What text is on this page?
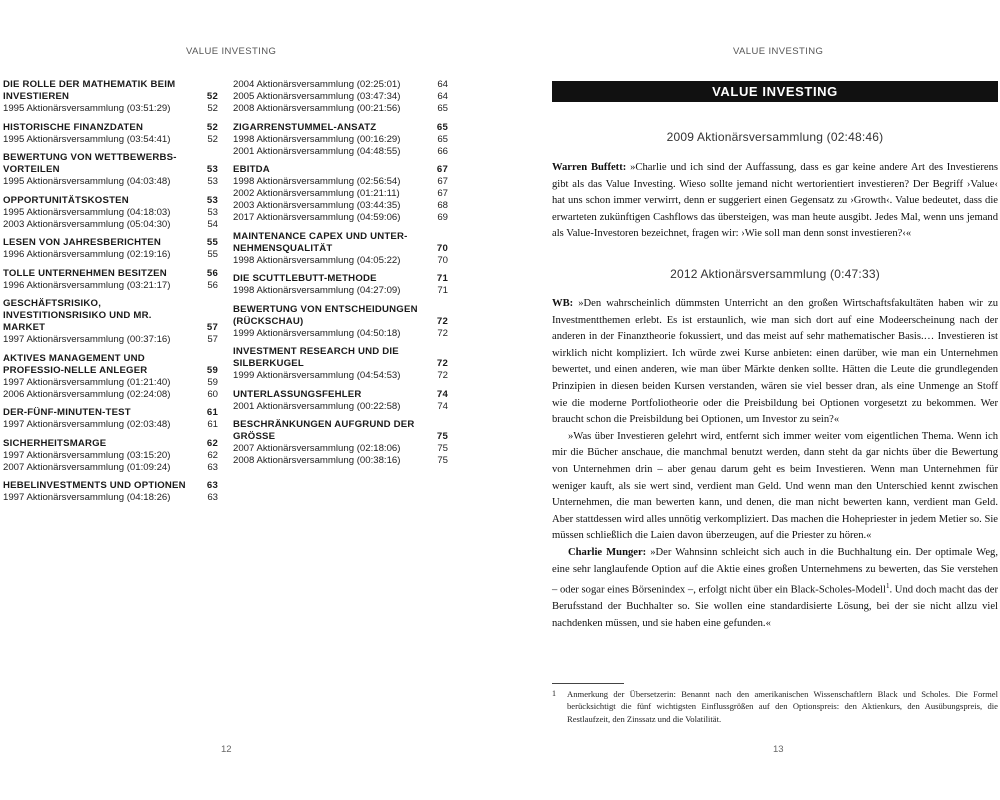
VALUE INVESTING
DIE ROLLE DER MATHEMATIK BEIM INVESTIEREN	52
1995 Aktionärsversammlung (03:51:29)	52
HISTORISCHE FINANZDATEN	52
1995 Aktionärsversammlung (03:54:41)	52
BEWERTUNG VON WETTBEWERBS-VORTEILEN	53
1995 Aktionärsversammlung (04:03:48)	53
OPPORTUNITÄTSKOSTEN	53
1995 Aktionärsversammlung (04:18:03)	53
2003 Aktionärsversammlung (05:04:30)	54
LESEN VON JAHRESBERICHTEN	55
1996 Aktionärsversammlung (02:19:16)	55
TOLLE UNTERNEHMEN BESITZEN	56
1996 Aktionärsversammlung (03:21:17)	56
GESCHÄFTSRISIKO, INVESTITIONSRISIKO UND MR. MARKET	57
1997 Aktionärsversammlung (00:37:16)	57
AKTIVES MANAGEMENT UND PROFESSIO-NELLE ANLEGER	59
1997 Aktionärsversammlung (01:21:40)	59
2006 Aktionärsversammlung (02:24:08)	60
DER-FÜNF-MINUTEN-TEST	61
1997 Aktionärsversammlung (02:03:48)	61
SICHERHEITSMARGE	62
1997 Aktionärsversammlung (03:15:20)	62
2007 Aktionärsversammlung (01:09:24)	63
HEBELINVESTMENTS UND OPTIONEN	63
1997 Aktionärsversammlung (04:18:26)	63
2004 Aktionärsversammlung (02:25:01)	64
2005 Aktionärsversammlung (03:47:34)	64
2008 Aktionärsversammlung (00:21:56)	65
ZIGARRENSTUMMEL-ANSATZ	65
1998 Aktionärsversammlung (00:16:29)	65
2001 Aktionärsversammlung (04:48:55)	66
EBITDA	67
1998 Aktionärsversammlung (02:56:54)	67
2002 Aktionärsversammlung (01:21:11)	67
2003 Aktionärsversammlung (03:44:35)	68
2017 Aktionärsversammlung (04:59:06)	69
MAINTENANCE CAPEX UND UNTER-NEHMENSQUALITÄT	70
1998 Aktionärsversammlung (04:05:22)	70
DIE SCUTTLEBUTT-METHODE	71
1998 Aktionärsversammlung (04:27:09)	71
BEWERTUNG VON ENTSCHEIDUNGEN (RÜCKSCHAU)	72
1999 Aktionärsversammlung (04:50:18)	72
INVESTMENT RESEARCH UND DIE SILBERKUGEL	72
1999 Aktionärsversammlung (04:54:53)	72
UNTERLASSUNGSFEHLER	74
2001 Aktionärsversammlung (00:22:58)	74
BESCHRÄNKUNGEN AUFGRUND DER GRÖSSE	75
2007 Aktionärsversammlung (02:18:06)	75
2008 Aktionärsversammlung (00:38:16)	75
12
VALUE INVESTING
VALUE INVESTING
2009 Aktionärsversammlung (02:48:46)

Warren Buffett: »Charlie und ich sind der Auffassung, dass es gar keine andere Art des Investierens gibt als das Value Investing. Wieso sollte jemand nicht wertorientiert investieren? Der Begriff ›Value‹ hat uns schon immer verwirrt, denn er suggeriert einen Gegensatz zu ›Growth‹. Value bedeutet, dass die erwarteten zukünftigen Cashflows das übersteigen, was man heute ausgibt. Jedes Mal, wenn uns jemand als Value-Investoren bezeichnet, fragen wir: ›Wie soll man denn sonst investieren?‹«

2012 Aktionärsversammlung (0:47:33)

WB: »Den wahrscheinlich dümmsten Unterricht an den großen Wirtschaftsfakultäten haben wir zu Investmentthemen erlebt. Es ist erstaunlich, wie man sich dort auf eine Modeerscheinung nach der anderen in der Finanztheorie fokussiert, und das meist auf sehr mathematischer Basis.… Investieren ist wirklich nicht kompliziert. Ich würde zwei Kurse anbieten: einen darüber, wie man ein Unternehmen bewertet, und einen anderen, wie man über Märkte denken sollte. Hätten die Leute die grundlegenden Prinzipien in diesen beiden Kursen verstanden, wären sie viel besser dran, als eine Unmenge an Stoff wie die moderne Portfoliotheorie oder die Preisbildung bei Optionen vorgesetzt zu bekommen. Wer braucht schon die Preisbildung bei Optionen, um Investor zu sein?«

»Was über Investieren gelehrt wird, entfernt sich immer weiter vom eigentlichen Thema. Wenn ich mir die Bücher anschaue, die manchmal benutzt werden, dann steht da gar nichts über die Bewertung von Unternehmen drin – aber genau darum geht es beim Investieren. Wenn man Unternehmen für weniger kauft, als sie wert sind, verdient man Geld. Und wenn man den Unterschied kennt zwischen Unternehmen, die man bewerten kann, und denen, die man nicht bewerten kann, verdient man Geld. Aber stattdessen wird alles unnötig verkompliziert. Das machen die Hohepriester in jedem Metier so. Sie müssen schließlich die Laien davon überzeugen, auf die Priester zu hören.«

Charlie Munger: »Der Wahnsinn schleicht sich auch in die Buchhaltung ein. Der optimale Weg, eine sehr langlaufende Option auf die Aktie eines großen Unternehmens zu bewerten, das Sie verstehen – oder sogar eines Börsenindex –, erfolgt nicht über ein Black-Scholes-Modell$^1$. Und doch macht das der Berufsstand der Buchhalter so. Sie wollen eine standardisierte Lösung, bei der sie nicht allzu viel nachdenken müssen, und sie haben eine gefunden.«

1	Anmerkung der Übersetzerin: Benannt nach den amerikanischen Wissenschaftlern Black und Scholes. Die Formel berücksichtigt die fünf wichtigsten Einflussgrößen auf den Optionspreis: den Aktienkurs, den Ausübungspreis, die Restlaufzeit, den Zinssatz und die Volatilität.
13
